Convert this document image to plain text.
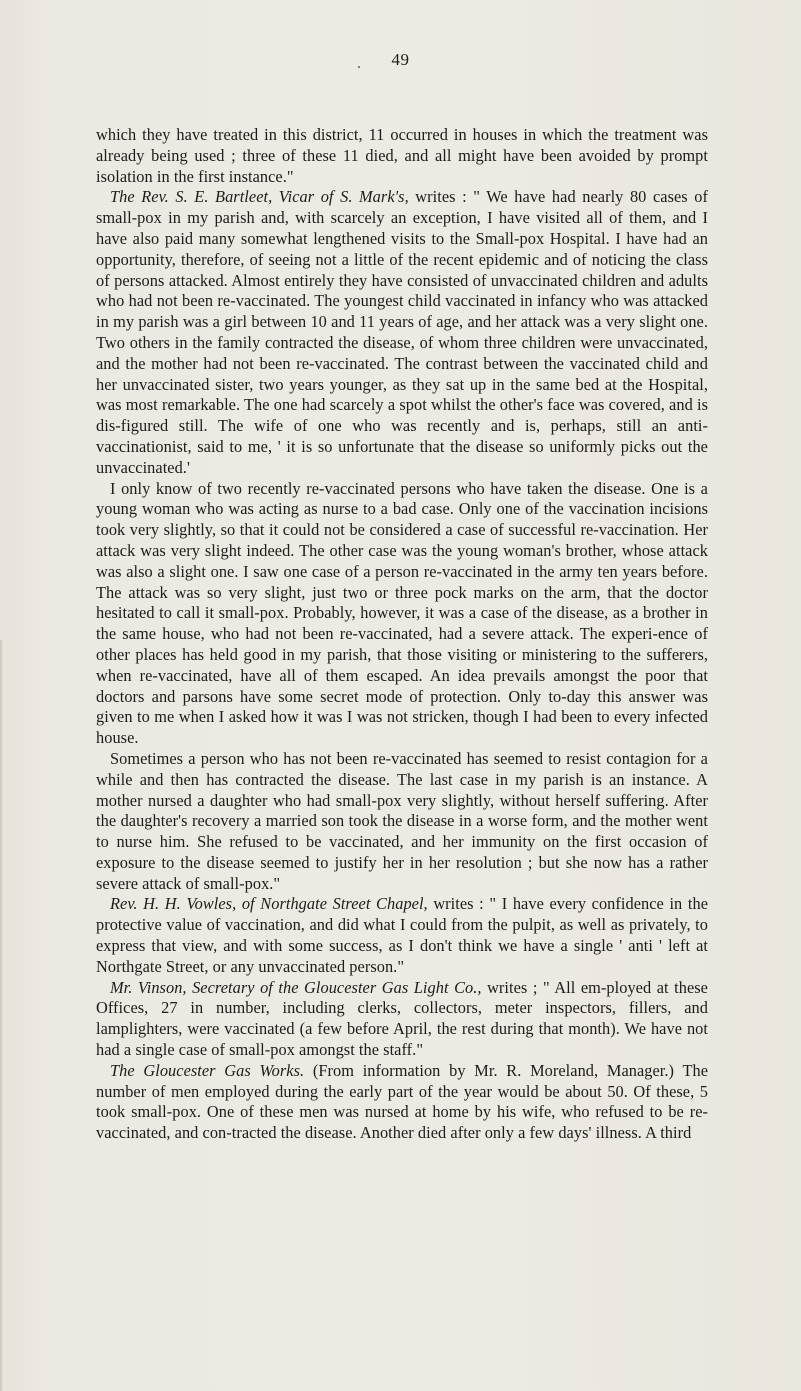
.	49

which they have treated in this district, 11 occurred in houses in which the treatment was already being used ; three of these 11 died, and all might have been avoided by prompt isolation in the first instance."

The Rev. S. E. Bartleet, Vicar of S. Mark's, writes : " We have had nearly 80 cases of small-pox in my parish and, with scarcely an exception, I have visited all of them, and I have also paid many somewhat lengthened visits to the Small-pox Hospital. I have had an opportunity, therefore, of seeing not a little of the recent epidemic and of noticing the class of persons attacked. Almost entirely they have consisted of unvaccinated children and adults who had not been re-vaccinated. The youngest child vaccinated in infancy who was attacked in my parish was a girl between 10 and 11 years of age, and her attack was a very slight one. Two others in the family contracted the disease, of whom three children were unvaccinated, and the mother had not been re-vaccinated. The contrast between the vaccinated child and her unvaccinated sister, two years younger, as they sat up in the same bed at the Hospital, was most remarkable. The one had scarcely a spot whilst the other's face was covered, and is dis-figured still. The wife of one who was recently and is, perhaps, still an anti-vaccinationist, said to me, ' it is so unfortunate that the disease so uniformly picks out the unvaccinated.'

I only know of two recently re-vaccinated persons who have taken the disease. One is a young woman who was acting as nurse to a bad case. Only one of the vaccination incisions took very slightly, so that it could not be considered a case of successful re-vaccination. Her attack was very slight indeed. The other case was the young woman's brother, whose attack was also a slight one. I saw one case of a person re-vaccinated in the army ten years before. The attack was so very slight, just two or three pock marks on the arm, that the doctor hesitated to call it small-pox. Probably, however, it was a case of the disease, as a brother in the same house, who had not been re-vaccinated, had a severe attack. The experi-ence of other places has held good in my parish, that those visiting or ministering to the sufferers, when re-vaccinated, have all of them escaped. An idea prevails amongst the poor that doctors and parsons have some secret mode of protection. Only to-day this answer was given to me when I asked how it was I was not stricken, though I had been to every infected house.

Sometimes a person who has not been re-vaccinated has seemed to resist contagion for a while and then has contracted the disease. The last case in my parish is an instance. A mother nursed a daughter who had small-pox very slightly, without herself suffering. After the daughter's recovery a married son took the disease in a worse form, and the mother went to nurse him. She refused to be vaccinated, and her immunity on the first occasion of exposure to the disease seemed to justify her in her resolution ; but she now has a rather severe attack of small-pox."

Rev. H. H. Vowles, of Northgate Street Chapel, writes : " I have every confidence in the protective value of vaccination, and did what I could from the pulpit, as well as privately, to express that view, and with some success, as I don't think we have a single ' anti ' left at Northgate Street, or any unvaccinated person."

Mr. Vinson, Secretary of the Gloucester Gas Light Co., writes ; " All em-ployed at these Offices, 27 in number, including clerks, collectors, meter inspectors, fillers, and lamplighters, were vaccinated (a few before April, the rest during that month). We have not had a single case of small-pox amongst the staff."

The Gloucester Gas Works. (From information by Mr. R. Moreland, Manager.) The number of men employed during the early part of the year would be about 50. Of these, 5 took small-pox. One of these men was nursed at home by his wife, who refused to be re-vaccinated, and con-tracted the disease. Another died after only a few days' illness. A third
